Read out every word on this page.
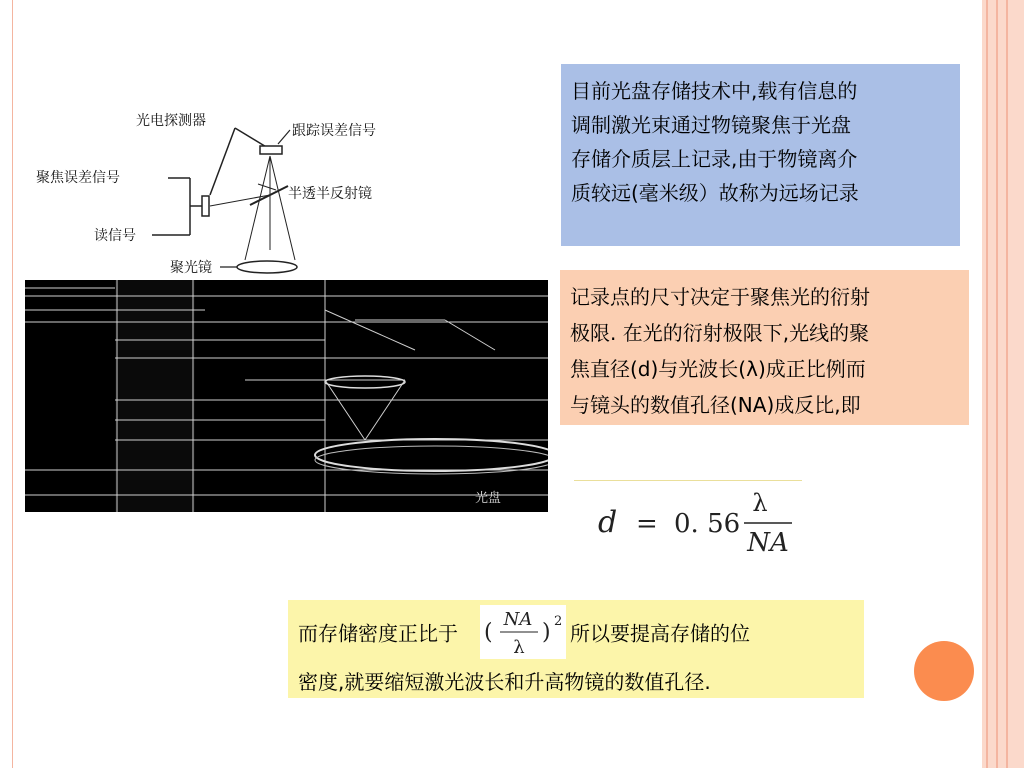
光电探测器
跟踪误差信号
聚焦误差信号
读信号
半透半反射镜
聚光镜
光盘
目前光盘存储技术中,载有信息的
调制激光束通过物镜聚焦于光盘
存储介质层上记录,由于物镜离介
质较远(毫米级）故称为远场记录
记录点的尺寸决定于聚焦光的衍射
极限. 在光的衍射极限下,光线的聚
焦直径(d)与光波长(λ)成正比例而
与镜头的数值孔径(NA)成反比,即
d = 0. 56
λ
NA
而存储密度正比于 (
NA
λ
) 2 所以要提高存储的位
密度,就要缩短激光波长和升高物镜的数值孔径.
